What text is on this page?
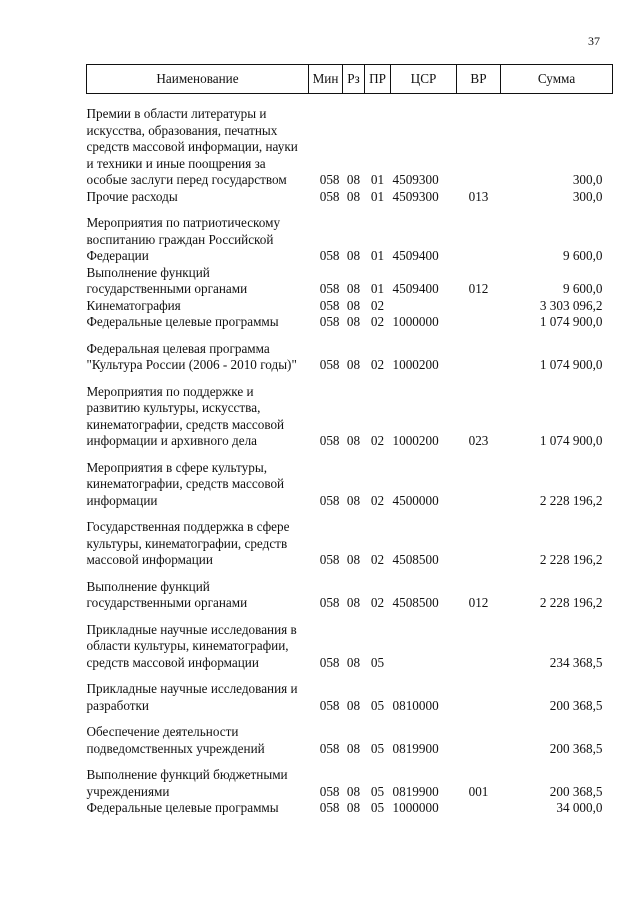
37
Наименование	Мин	Рз	ПР	ЦСР	ВР	Сумма
Премии в области литературы и искусства, образования, печатных средств массовой информации, науки и техники и иные поощрения за особые заслуги перед государством	058	08	01	4509300		300,0
Прочие расходы	058	08	01	4509300	013	300,0
Мероприятия по патриотическому воспитанию граждан Российской Федерации	058	08	01	4509400		9 600,0
Выполнение функций государственными органами	058	08	01	4509400	012	9 600,0
Кинематография	058	08	02			3 303 096,2
Федеральные целевые программы	058	08	02	1000000		1 074 900,0
Федеральная целевая программа "Культура России (2006 - 2010 годы)"	058	08	02	1000200		1 074 900,0
Мероприятия по поддержке и развитию культуры, искусства, кинематографии, средств массовой информации и архивного дела	058	08	02	1000200	023	1 074 900,0
Мероприятия в сфере культуры, кинематографии, средств массовой информации	058	08	02	4500000		2 228 196,2
Государственная поддержка в сфере культуры, кинематографии, средств массовой информации	058	08	02	4508500		2 228 196,2
Выполнение функций государственными органами	058	08	02	4508500	012	2 228 196,2
Прикладные научные исследования в области культуры, кинематографии, средств массовой информации	058	08	05			234 368,5
Прикладные научные исследования и разработки	058	08	05	0810000		200 368,5
Обеспечение деятельности подведомственных учреждений	058	08	05	0819900		200 368,5
Выполнение функций бюджетными учреждениями	058	08	05	0819900	001	200 368,5
Федеральные целевые программы	058	08	05	1000000		34 000,0
